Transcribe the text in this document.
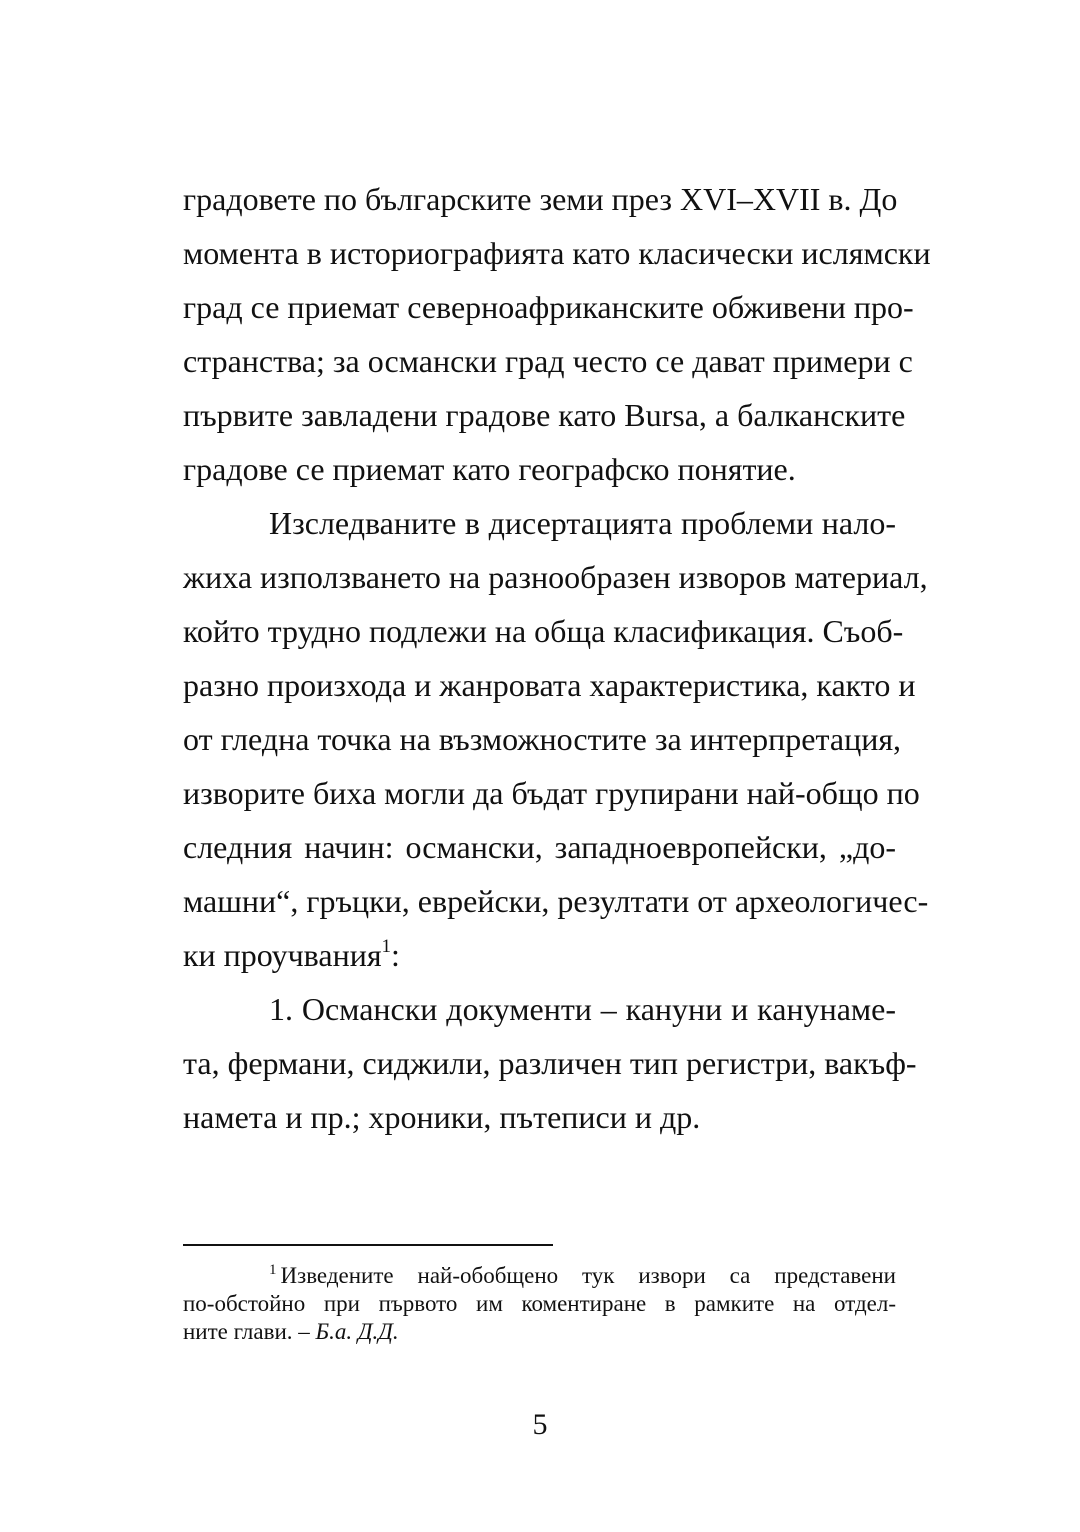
градовете по българските земи през XVI–XVII в. До
момента в историографията като класически ислямски
град се приемат северноафриканските обживени про-
странства; за османски град често се дават примери с
първите завладени градове като Bursa, а балканските
градове се приемат като географско понятие.
Изследваните в дисертацията проблеми нало-
жиха използването на разнообразен изворов материал,
който трудно подлежи на обща класификация. Съоб-
разно произхода и жанровата характеристика, както и
от гледна точка на възможностите за интерпретация,
изворите биха могли да бъдат групирани най-общо по
следния начин: османски, западноевропейски, „до-
машни“, гръцки, еврейски, резултати от археологичес-
ки проучвания$^1$:
1. Османски документи – кануни и канунаме-
та, фермани, сиджили, различен тип регистри, вакъф-
намета и пр.; хроники, пътеписи и др.
$^1$ Изведените най-обобщено тук извори са представени
по-обстойно при първото им коментиране в рамките на отдел-
ните глави. – Б.а. Д.Д.
5
